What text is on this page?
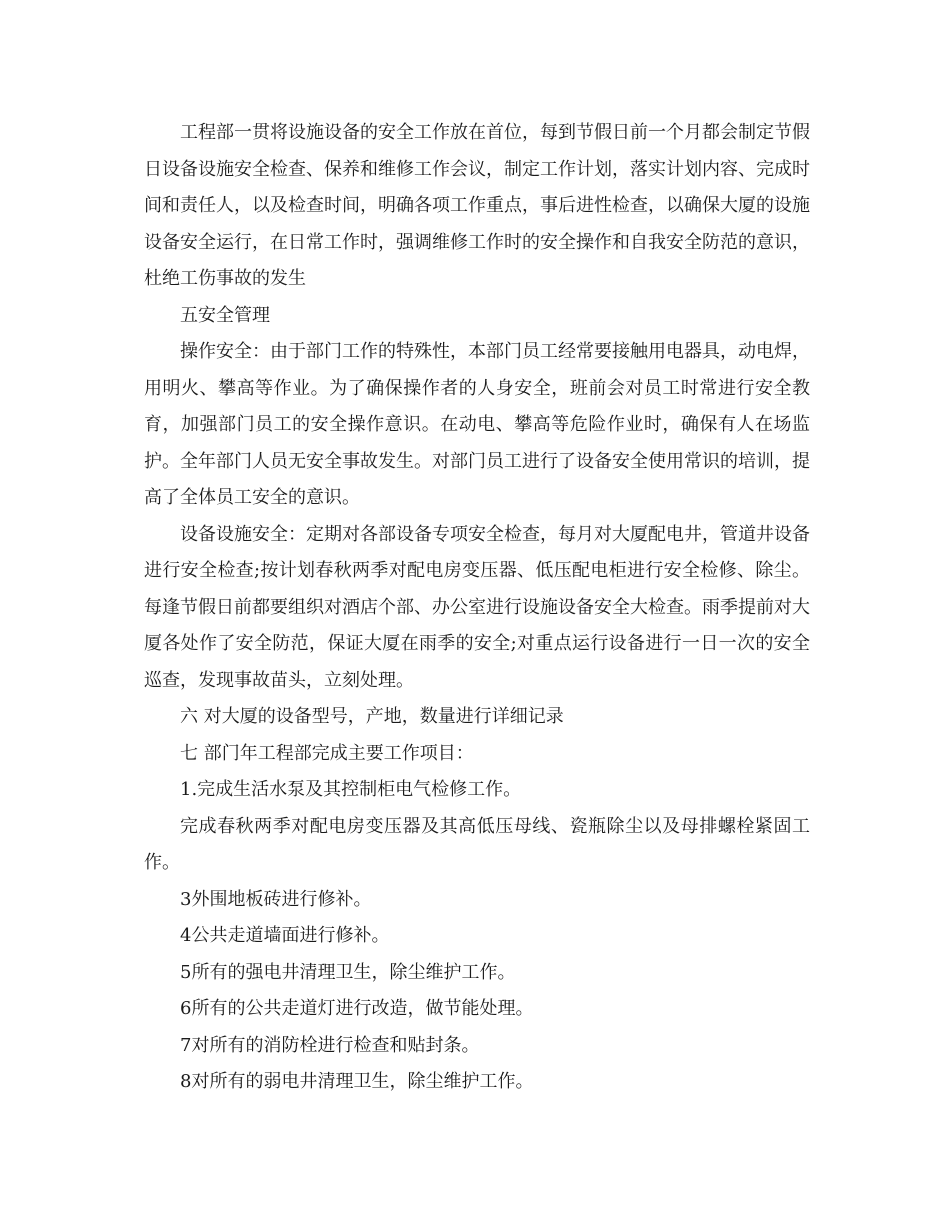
工程部一贯将设施设备的安全工作放在首位，每到节假日前一个月都会制定节假日设备设施安全检查、保养和维修工作会议，制定工作计划，落实计划内容、完成时间和责任人，以及检查时间，明确各项工作重点，事后进性检查，以确保大厦的设施设备安全运行，在日常工作时，强调维修工作时的安全操作和自我安全防范的意识，杜绝工伤事故的发生

五安全管理

操作安全：由于部门工作的特殊性，本部门员工经常要接触用电器具，动电焊，用明火、攀高等作业。为了确保操作者的人身安全，班前会对员工时常进行安全教育，加强部门员工的安全操作意识。在动电、攀高等危险作业时，确保有人在场监护。全年部门人员无安全事故发生。对部门员工进行了设备安全使用常识的培训，提高了全体员工安全的意识。

设备设施安全：定期对各部设备专项安全检查，每月对大厦配电井，管道井设备进行安全检查;按计划春秋两季对配电房变压器、低压配电柜进行安全检修、除尘。每逢节假日前都要组织对酒店个部、办公室进行设施设备安全大检查。雨季提前对大厦各处作了安全防范，保证大厦在雨季的安全;对重点运行设备进行一日一次的安全巡查，发现事故苗头，立刻处理。

六 对大厦的设备型号，产地，数量进行详细记录

七 部门年工程部完成主要工作项目：

1.完成生活水泵及其控制柜电气检修工作。

完成春秋两季对配电房变压器及其高低压母线、瓷瓶除尘以及母排螺栓紧固工作。

3外围地板砖进行修补。

4公共走道墙面进行修补。

5所有的强电井清理卫生，除尘维护工作。

6所有的公共走道灯进行改造，做节能处理。

7对所有的消防栓进行检查和贴封条。

8对所有的弱电井清理卫生，除尘维护工作。
